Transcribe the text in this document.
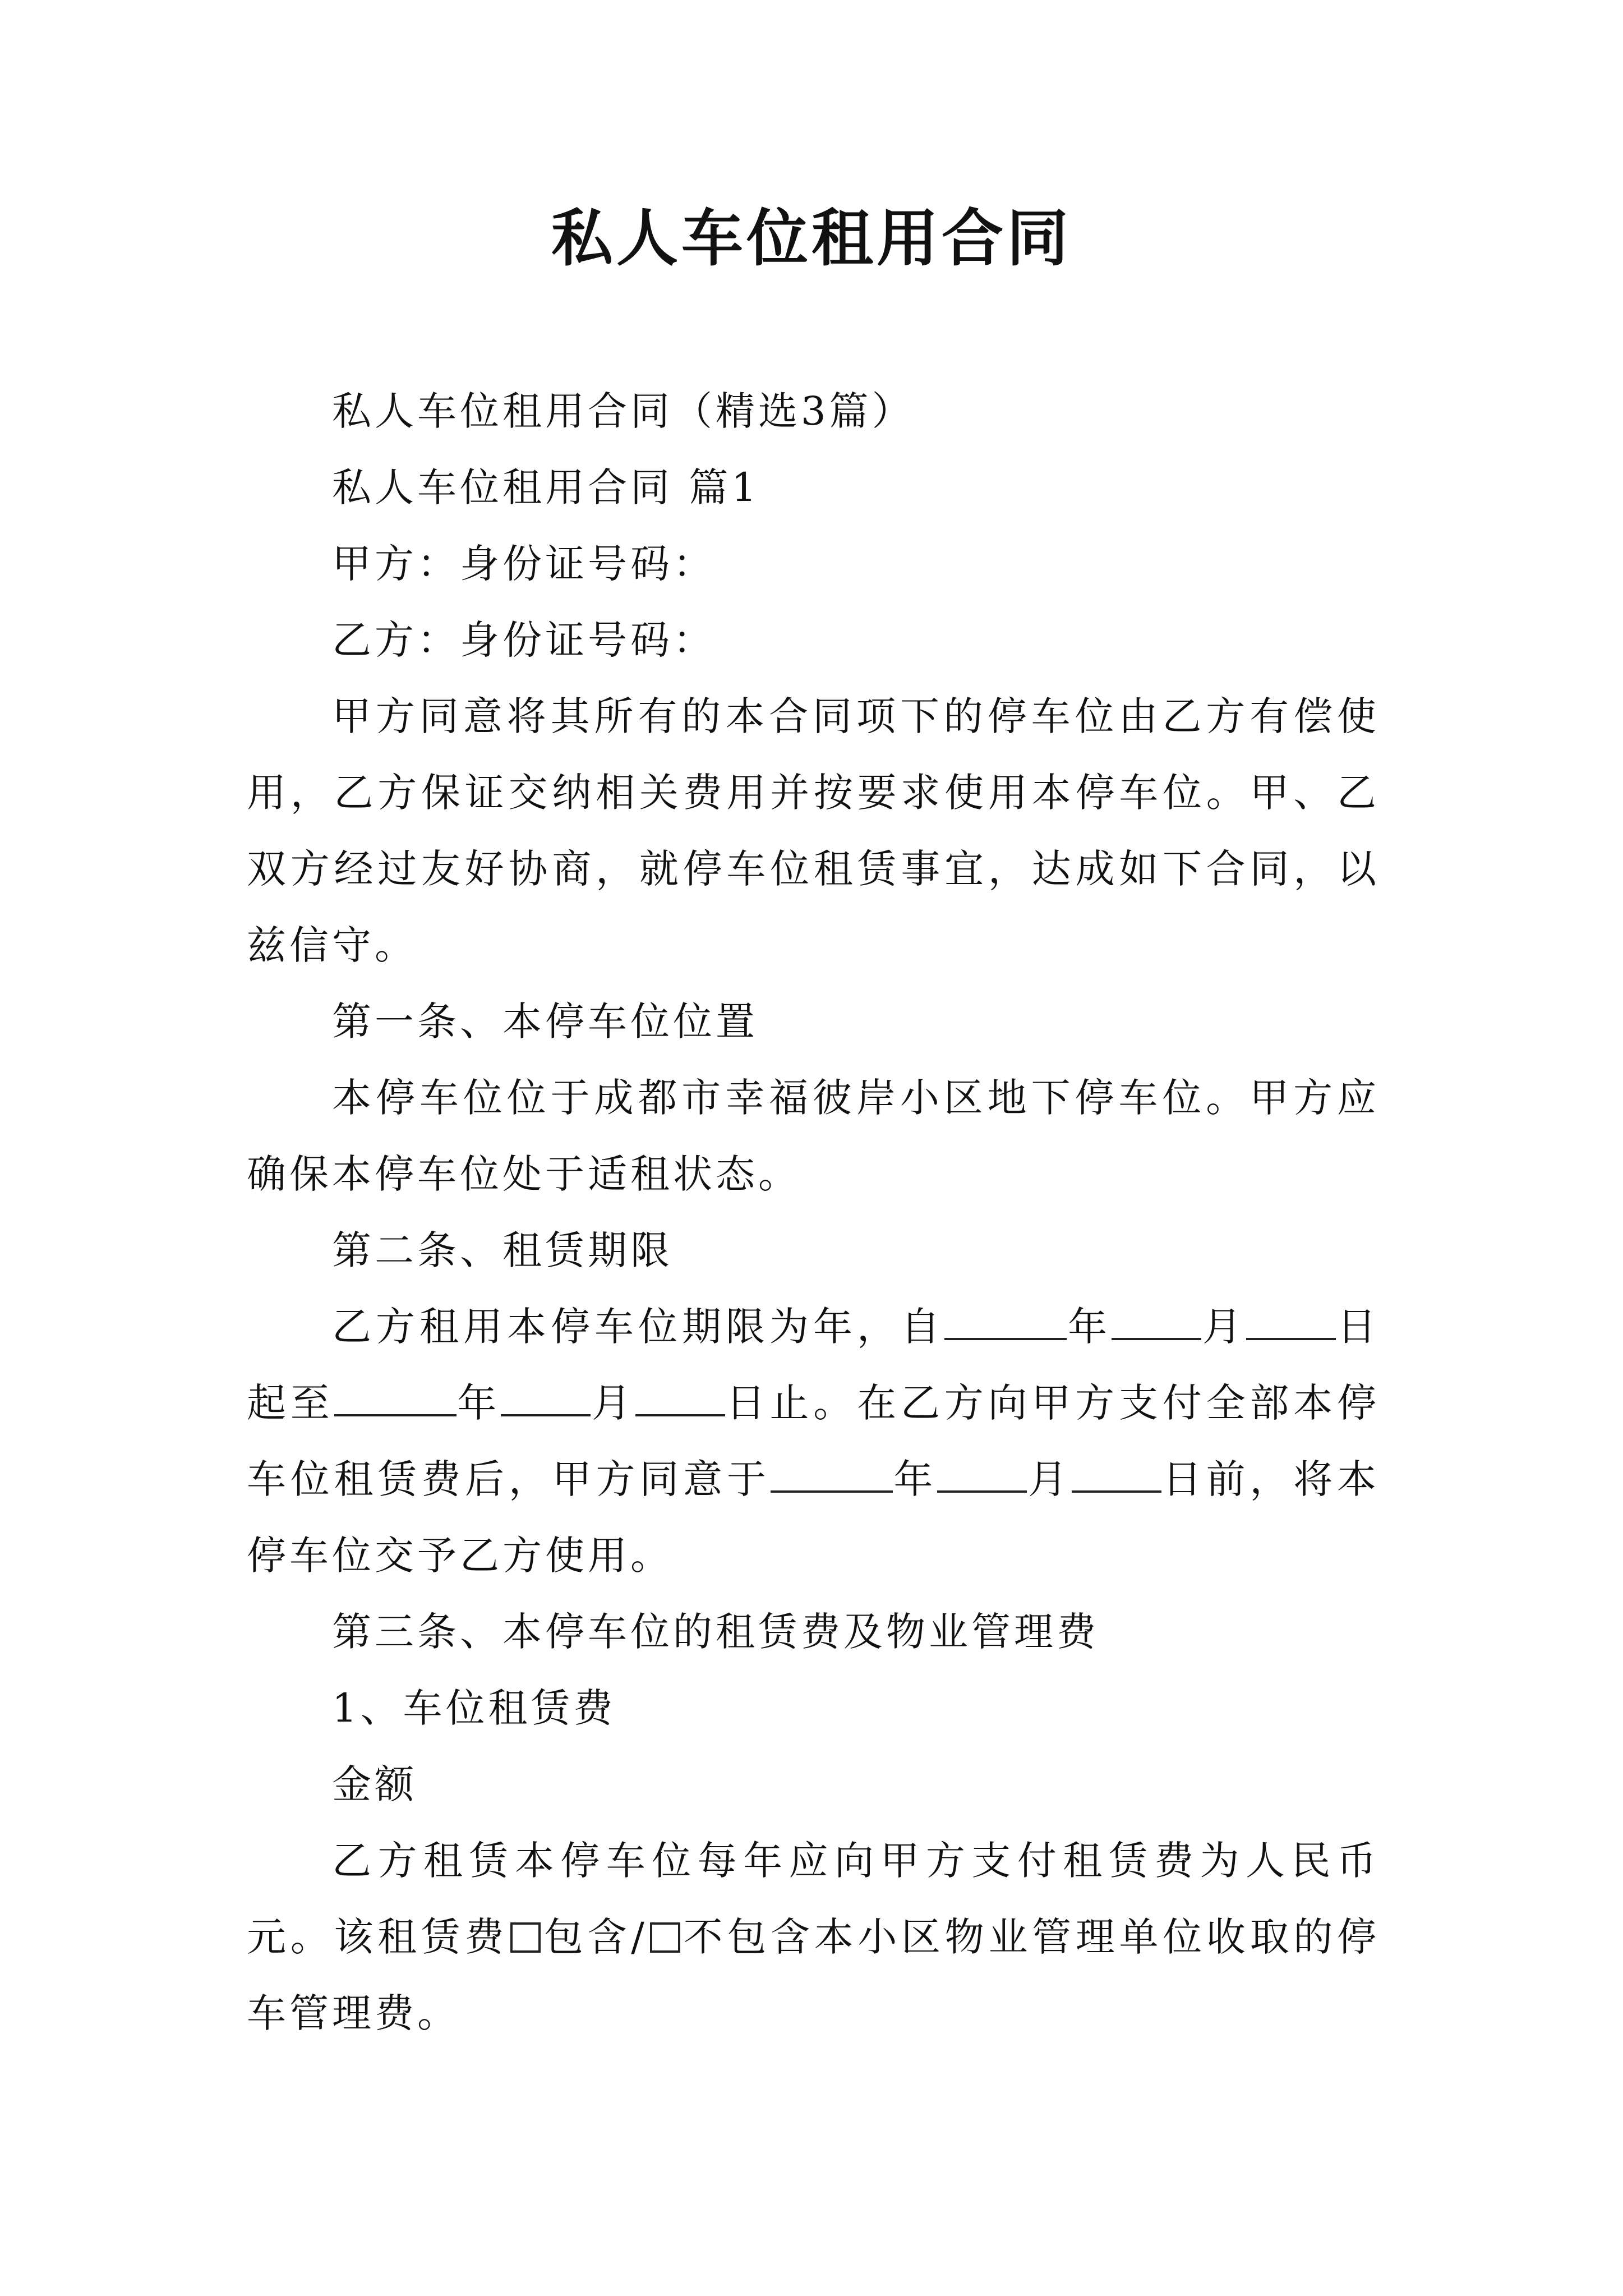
私人车位租用合同

私人车位租用合同（精选3篇）

私人车位租用合同 篇1

甲方：身份证号码：

乙方：身份证号码：

甲方同意将其所有的本合同项下的停车位由乙方有偿使用，乙方保证交纳相关费用并按要求使用本停车位。甲、乙双方经过友好协商，就停车位租赁事宜，达成如下合同，以兹信守。

第一条、本停车位位置

本停车位位于成都市幸福彼岸小区地下停车位。甲方应确保本停车位处于适租状态。

第二条、租赁期限

乙方租用本停车位期限为年，自	年 月 日起至	年 月 日止。在乙方向甲方支付全部本停车位租赁费后，甲方同意于	年 月 日前，将本停车位交予乙方使用。

第三条、本停车位的租赁费及物业管理费

1、车位租赁费

金额

乙方租赁本停车位每年应向甲方支付租赁费为人民币元。该租赁费 包含/ 不包含本小区物业管理单位收取的停车管理费。
